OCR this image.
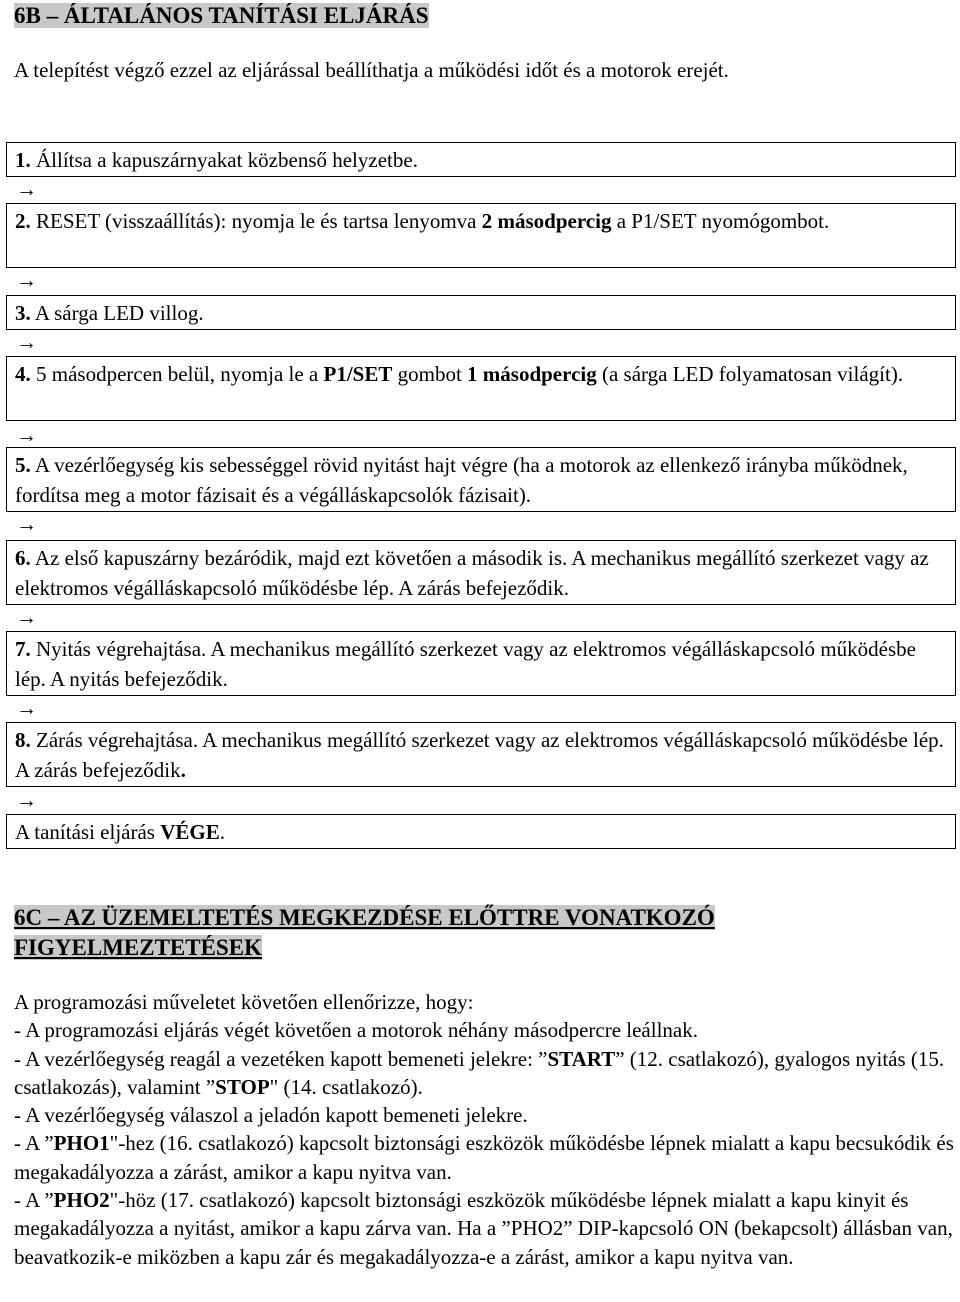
6B – ÁLTALÁNOS TANÍTÁSI ELJÁRÁS
A telepítést végző ezzel az eljárással beállíthatja a működési időt és a motorok erejét.
1. Állítsa a kapuszárnyakat közbenső helyzetbe.
→
2. RESET (visszaállítás): nyomja le és tartsa lenyomva 2 másodpercig a P1/SET nyomógombot.
→
3. A sárga LED villog.
→
4. 5 másodpercen belül, nyomja le a P1/SET gombot 1 másodpercig (a sárga LED folyamatosan világít).
→
5. A vezérlőegység kis sebességgel rövid nyitást hajt végre (ha a motorok az ellenkező irányba működnek, fordítsa meg a motor fázisait és a végálláskapcsolók fázisait).
→
6. Az első kapuszárny bezáródik, majd ezt követően a második is. A mechanikus megállító szerkezet vagy az elektromos végálláskapcsoló működésbe lép. A zárás befejeződik.
→
7. Nyitás végrehajtása. A mechanikus megállító szerkezet vagy az elektromos végálláskapcsoló működésbe lép. A nyitás befejeződik.
→
8. Zárás végrehajtása. A mechanikus megállító szerkezet vagy az elektromos végálláskapcsoló működésbe lép. A zárás befejeződik.
→
A tanítási eljárás VÉGE.
6C – AZ ÜZEMELTETÉS MEGKEZDÉSE ELŐTTRE VONATKOZÓ
FIGYELMEZTETÉSEK

A programozási műveletet követően ellenőrizze, hogy:

- A programozási eljárás végét követően a motorok néhány másodpercre leállnak.

- A vezérlőegység reagál a vezetéken kapott bemeneti jelekre: ”START” (12. csatlakozó), gyalogos nyitás (15. csatlakozás), valamint ”STOP" (14. csatlakozó).

- A vezérlőegység válaszol a jeladón kapott bemeneti jelekre.

- A ”PHO1"-hez (16. csatlakozó) kapcsolt biztonsági eszközök működésbe lépnek mialatt a kapu becsukódik és megakadályozza a zárást, amikor a kapu nyitva van.

- A ”PHO2"-höz (17. csatlakozó) kapcsolt biztonsági eszközök működésbe lépnek mialatt a kapu kinyit és megakadályozza a nyitást, amikor a kapu zárva van. Ha a ”PHO2” DIP-kapcsoló ON (bekapcsolt) állásban van, beavatkozik-e miközben a kapu zár és megakadályozza-e a zárást, amikor a kapu nyitva van.
